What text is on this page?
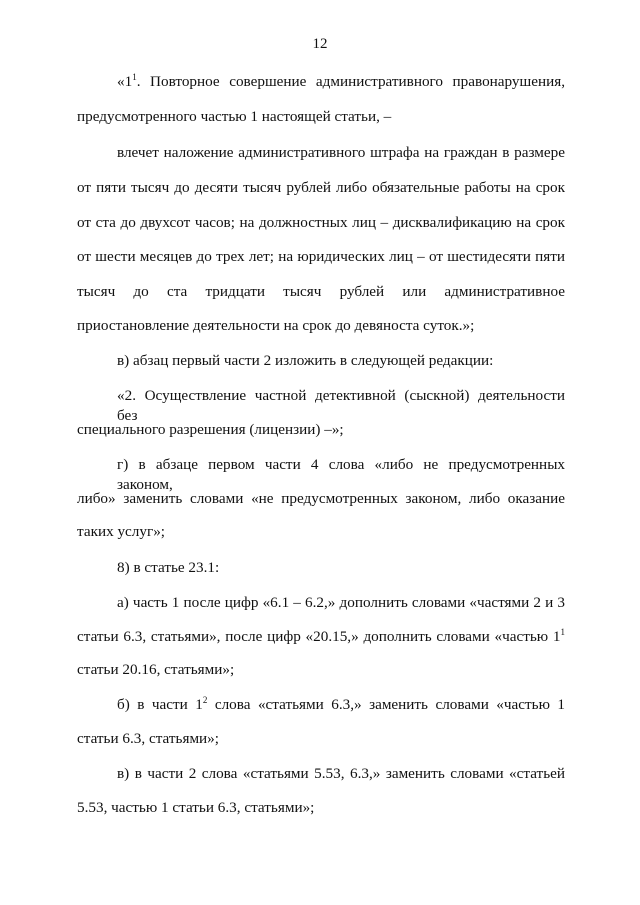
12
«$1^1$. Повторное совершение административного правонарушения,
предусмотренного частью 1 настоящей статьи, –
влечет наложение административного штрафа на граждан в размере
от пяти тысяч до десяти тысяч рублей либо обязательные работы на срок
от ста до двухсот часов; на должностных лиц – дисквалификацию на срок
от шести месяцев до трех лет; на юридических лиц – от шестидесяти пяти
тысяч до ста тридцати тысяч рублей или административное
приостановление деятельности на срок до девяноста суток.»;
в) абзац первый части 2 изложить в следующей редакции:
«2. Осуществление частной детективной (сыскной) деятельности без
специального разрешения (лицензии) –»;
г) в абзаце первом части 4 слова «либо не предусмотренных законом,
либо» заменить словами «не предусмотренных законом, либо оказание
таких услуг»;
8) в статье 23.1:
а) часть 1 после цифр «6.1 – 6.2,» дополнить словами «частями 2 и 3
статьи 6.3, статьями», после цифр «20.15,» дополнить словами «частью $1^1$
статьи 20.16, статьями»;
б) в части $1^2$ слова «статьями 6.3,» заменить словами «частью 1
статьи 6.3, статьями»;
в) в части 2 слова «статьями 5.53, 6.3,» заменить словами «статьей
5.53, частью 1 статьи 6.3, статьями»;
